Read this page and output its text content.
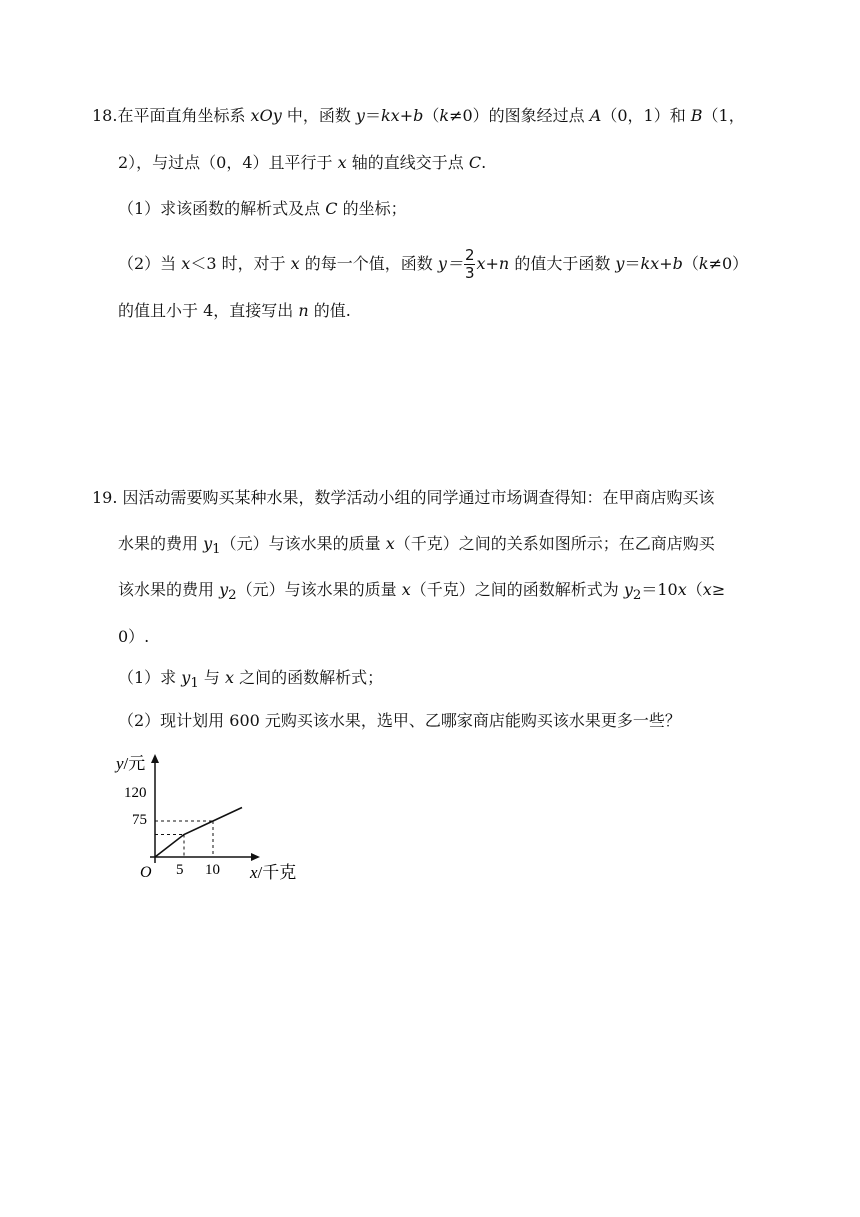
18.在平面直角坐标系 xOy 中，函数 y＝kx+b（k≠0）的图象经过点 A（0，1）和 B（1，
2），与过点（0，4）且平行于 x 轴的直线交于点 C.
（1）求该函数的解析式及点 C 的坐标；
（2）当 x＜3 时，对于 x 的每一个值，函数 $y= \frac{2}{3} x+n$ 的值大于函数 y＝kx+b（k≠0）
的值且小于 4，直接写出 n 的值.
19. 因活动需要购买某种水果，数学活动小组的同学通过市场调查得知：在甲商店购买该
水果的费用 $y_1$（元）与该水果的质量 x（千克）之间的关系如图所示；在乙商店购买
该水果的费用 $y_2$（元）与该水果的质量 x（千克）之间的函数解析式为 $y_2=10x(x\ge$
0）.
（1）求 $y_1$ 与 x 之间的函数解析式；
（2）现计划用 600 元购买该水果，选甲、乙哪家商店能购买该水果更多一些？
y/元
x/千克
O 5 10
120
75
